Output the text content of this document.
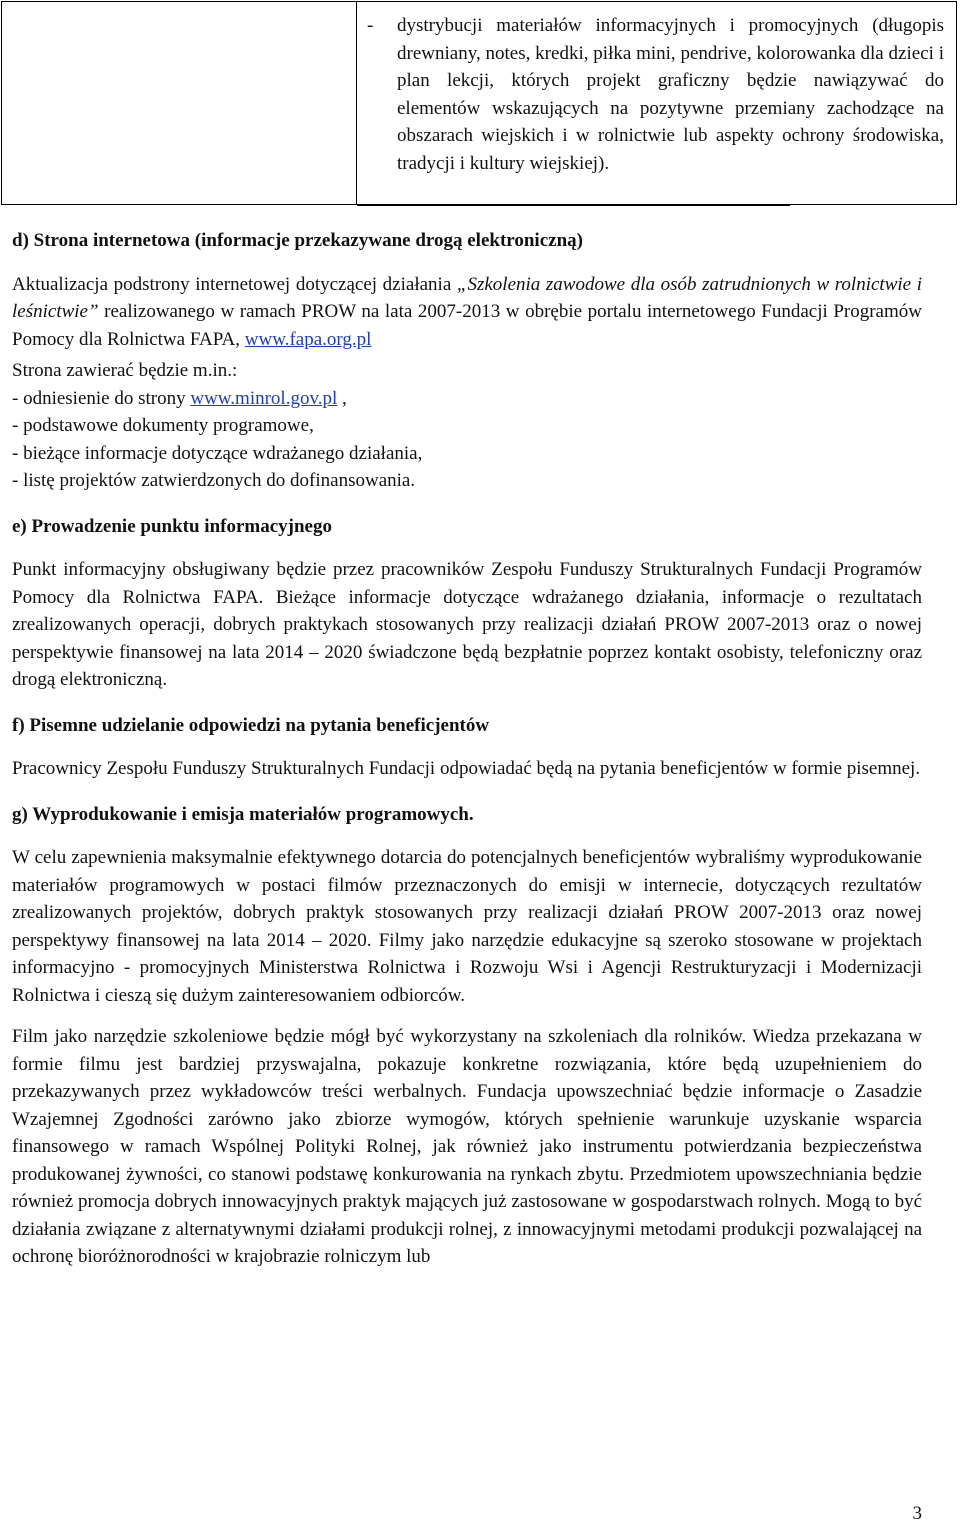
-	dystrybucji materiałów informacyjnych i promocyjnych (długopis drewniany, notes, kredki, piłka mini, pendrive, kolorowanka dla dzieci i plan lekcji, których projekt graficzny będzie nawiązywać do elementów wskazujących na pozytywne przemiany zachodzące na obszarach wiejskich i w rolnictwie lub aspekty ochrony środowiska, tradycji i kultury wiejskiej).
d) Strona internetowa (informacje przekazywane drogą elektroniczną)
Aktualizacja podstrony internetowej dotyczącej działania „Szkolenia zawodowe dla osób zatrudnionych w rolnictwie i leśnictwie” realizowanego w ramach PROW na lata 2007-2013 w obrębie portalu internetowego Fundacji Programów Pomocy dla Rolnictwa FAPA, www.fapa.org.pl
Strona zawierać będzie m.in.:
- odniesienie do strony www.minrol.gov.pl ,
- podstawowe dokumenty programowe,
- bieżące informacje dotyczące wdrażanego działania,
- listę projektów zatwierdzonych do dofinansowania.
e) Prowadzenie punktu informacyjnego
Punkt informacyjny obsługiwany będzie przez pracowników Zespołu Funduszy Strukturalnych Fundacji Programów Pomocy dla Rolnictwa FAPA. Bieżące informacje dotyczące wdrażanego działania, informacje o rezultatach zrealizowanych operacji, dobrych praktykach stosowanych przy realizacji działań PROW 2007-2013 oraz o nowej perspektywie finansowej na lata 2014 – 2020 świadczone będą bezpłatnie poprzez kontakt osobisty, telefoniczny oraz drogą elektroniczną.
f) Pisemne udzielanie odpowiedzi na pytania beneficjentów
Pracownicy Zespołu Funduszy Strukturalnych Fundacji odpowiadać będą na pytania beneficjentów w formie pisemnej.
g) Wyprodukowanie i emisja materiałów programowych.
W celu zapewnienia maksymalnie efektywnego dotarcia do potencjalnych beneficjentów wybraliśmy wyprodukowanie materiałów programowych w postaci filmów przeznaczonych do emisji w internecie, dotyczących rezultatów zrealizowanych projektów, dobrych praktyk stosowanych przy realizacji działań PROW 2007-2013 oraz nowej perspektywy finansowej na lata 2014 – 2020. Filmy jako narzędzie edukacyjne są szeroko stosowane w projektach informacyjno - promocyjnych Ministerstwa Rolnictwa i Rozwoju Wsi i Agencji Restrukturyzacji i Modernizacji Rolnictwa i cieszą się dużym zainteresowaniem odbiorców.
Film jako narzędzie szkoleniowe będzie mógł być wykorzystany na szkoleniach dla rolników. Wiedza przekazana w formie filmu jest bardziej przyswajalna, pokazuje konkretne rozwiązania, które będą uzupełnieniem do przekazywanych przez wykładowców treści werbalnych. Fundacja upowszechniać będzie informacje o Zasadzie Wzajemnej Zgodności zarówno jako zbiorze wymogów, których spełnienie warunkuje uzyskanie wsparcia finansowego w ramach Wspólnej Polityki Rolnej, jak również jako instrumentu potwierdzania bezpieczeństwa produkowanej żywności, co stanowi podstawę konkurowania na rynkach zbytu. Przedmiotem upowszechniania będzie również promocja dobrych innowacyjnych praktyk mających już zastosowane w gospodarstwach rolnych. Mogą to być działania związane z alternatywnymi działami produkcji rolnej, z innowacyjnymi metodami produkcji pozwalającej na ochronę bioróżnorodności w krajobrazie rolniczym lub
3
